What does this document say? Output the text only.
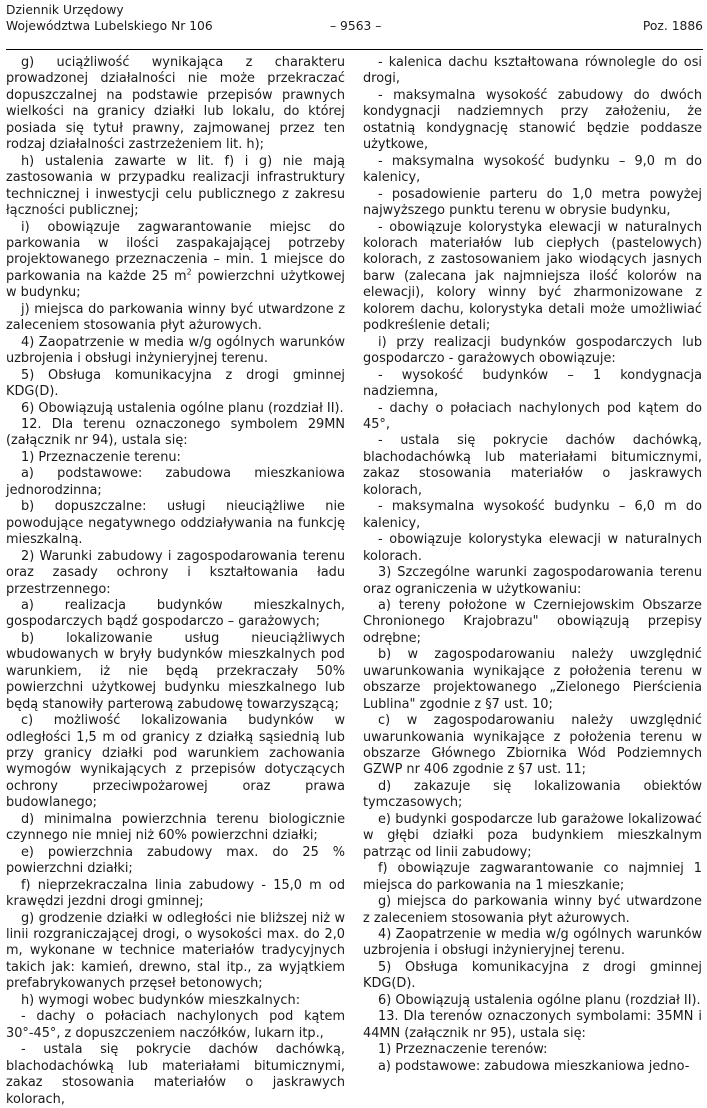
Dziennik Urzędowy
Województwa Lubelskiego Nr 106	– 9563 –	Poz. 1886

g) uciążliwość wynikająca z charakteru prowadzonej działalności nie może przekraczać dopuszczalnej na podstawie przepisów prawnych wielkości na granicy działki lub lokalu, do której posiada się tytuł prawny, zajmowanej przez ten rodzaj działalności zastrzeżeniem lit. h);

h) ustalenia zawarte w lit. f) i g) nie mają zastosowania w przypadku realizacji infrastruktury technicznej i inwestycji celu publicznego z zakresu łączności publicznej;

i) obowiązuje zagwarantowanie miejsc do parkowania w ilości zaspakajającej potrzeby projektowanego przeznaczenia – min. 1 miejsce do parkowania na każde 25 $m^2$ powierzchni użytkowej w budynku;

j) miejsca do parkowania winny być utwardzone z zaleceniem stosowania płyt ażurowych.

4) Zaopatrzenie w media w/g ogólnych warunków uzbrojenia i obsługi inżynieryjnej terenu.

5) Obsługa komunikacyjna z drogi gminnej KDG(D).

6) Obowiązują ustalenia ogólne planu (rozdział II).

12. Dla terenu oznaczonego symbolem 29MN (załącznik nr 94), ustala się:

1) Przeznaczenie terenu:

a) podstawowe: zabudowa mieszkaniowa jednorodzinna;

b) dopuszczalne: usługi nieuciążliwe nie powodujące negatywnego oddziaływania na funkcję mieszkalną.

2) Warunki zabudowy i zagospodarowania terenu oraz zasady ochrony i kształtowania ładu przestrzennego:

a) realizacja budynków mieszkalnych, gospodarczych bądź gospodarczo – garażowych;

b) lokalizowanie usług nieuciążliwych wbudowanych w bryły budynków mieszkalnych pod warunkiem, iż nie będą przekraczały 50% powierzchni użytkowej budynku mieszkalnego lub będą stanowiły parterową zabudowę towarzyszącą;

c) możliwość lokalizowania budynków w odległości 1,5 m od granicy z działką sąsiednią lub przy granicy działki pod warunkiem zachowania wymogów wynikających z przepisów dotyczących ochrony przeciwpożarowej oraz prawa budowlanego;

d) minimalna powierzchnia terenu biologicznie czynnego nie mniej niż 60% powierzchni działki;

e) powierzchnia zabudowy max. do 25 % powierzchni działki;

f) nieprzekraczalna linia zabudowy - 15,0 m od krawędzi jezdni drogi gminnej;

g) grodzenie działki w odległości nie bliższej niż w linii rozgraniczającej drogi, o wysokości max. do 2,0 m, wykonane w technice materiałów tradycyjnych takich jak: kamień, drewno, stal itp., za wyjątkiem prefabrykowanych przęseł betonowych;

h) wymogi wobec budynków mieszkalnych:

- dachy o połaciach nachylonych pod kątem 30°-45°, z dopuszczeniem naczółków, lukarn itp.,

- ustala się pokrycie dachów dachówką, blachodachówką lub materiałami bitumicznymi, zakaz stosowania materiałów o jaskrawych kolorach,

- kalenica dachu kształtowana równolegle do osi drogi,

- maksymalna wysokość zabudowy do dwóch kondygnacji nadziemnych przy założeniu, że ostatnią kondygnację stanowić będzie poddasze użytkowe,

- maksymalna wysokość budynku – 9,0 m do kalenicy,

- posadowienie parteru do 1,0 metra powyżej najwyższego punktu terenu w obrysie budynku,

- obowiązuje kolorystyka elewacji w naturalnych kolorach materiałów lub ciepłych (pastelowych) kolorach, z zastosowaniem jako wiodących jasnych barw (zalecana jak najmniejsza ilość kolorów na elewacji), kolory winny być zharmonizowane z kolorem dachu, kolorystyka detali może umożliwiać podkreślenie detali;

i) przy realizacji budynków gospodarczych lub gospodarczo - garażowych obowiązuje:

- wysokość budynków – 1 kondygnacja nadziemna,

- dachy o połaciach nachylonych pod kątem do 45°,

- ustala się pokrycie dachów dachówką, blachodachówką lub materiałami bitumicznymi, zakaz stosowania materiałów o jaskrawych kolorach,

- maksymalna wysokość budynku – 6,0 m do kalenicy,

- obowiązuje kolorystyka elewacji w naturalnych kolorach.

3) Szczególne warunki zagospodarowania terenu oraz ograniczenia w użytkowaniu:

a) tereny położone w Czerniejowskim Obszarze Chronionego Krajobrazu" obowiązują przepisy odrębne;

b) w zagospodarowaniu należy uwzględnić uwarunkowania wynikające z położenia terenu w obszarze projektowanego „Zielonego Pierścienia Lublina" zgodnie z §7 ust. 10;

c) w zagospodarowaniu należy uwzględnić uwarunkowania wynikające z położenia terenu w obszarze Głównego Zbiornika Wód Podziemnych GZWP nr 406 zgodnie z §7 ust. 11;

d) zakazuje się lokalizowania obiektów tymczasowych;

e) budynki gospodarcze lub garażowe lokalizować w głębi działki poza budynkiem mieszkalnym patrząc od linii zabudowy;

f) obowiązuje zagwarantowanie co najmniej 1 miejsca do parkowania na 1 mieszkanie;

g) miejsca do parkowania winny być utwardzone z zaleceniem stosowania płyt ażurowych.

4) Zaopatrzenie w media w/g ogólnych warunków uzbrojenia i obsługi inżynieryjnej terenu.

5) Obsługa komunikacyjna z drogi gminnej KDG(D).

6) Obowiązują ustalenia ogólne planu (rozdział II).

13. Dla terenów oznaczonych symbolami: 35MN i 44MN (załącznik nr 95), ustala się:

1) Przeznaczenie terenów:

a) podstawowe: zabudowa mieszkaniowa jedno-
